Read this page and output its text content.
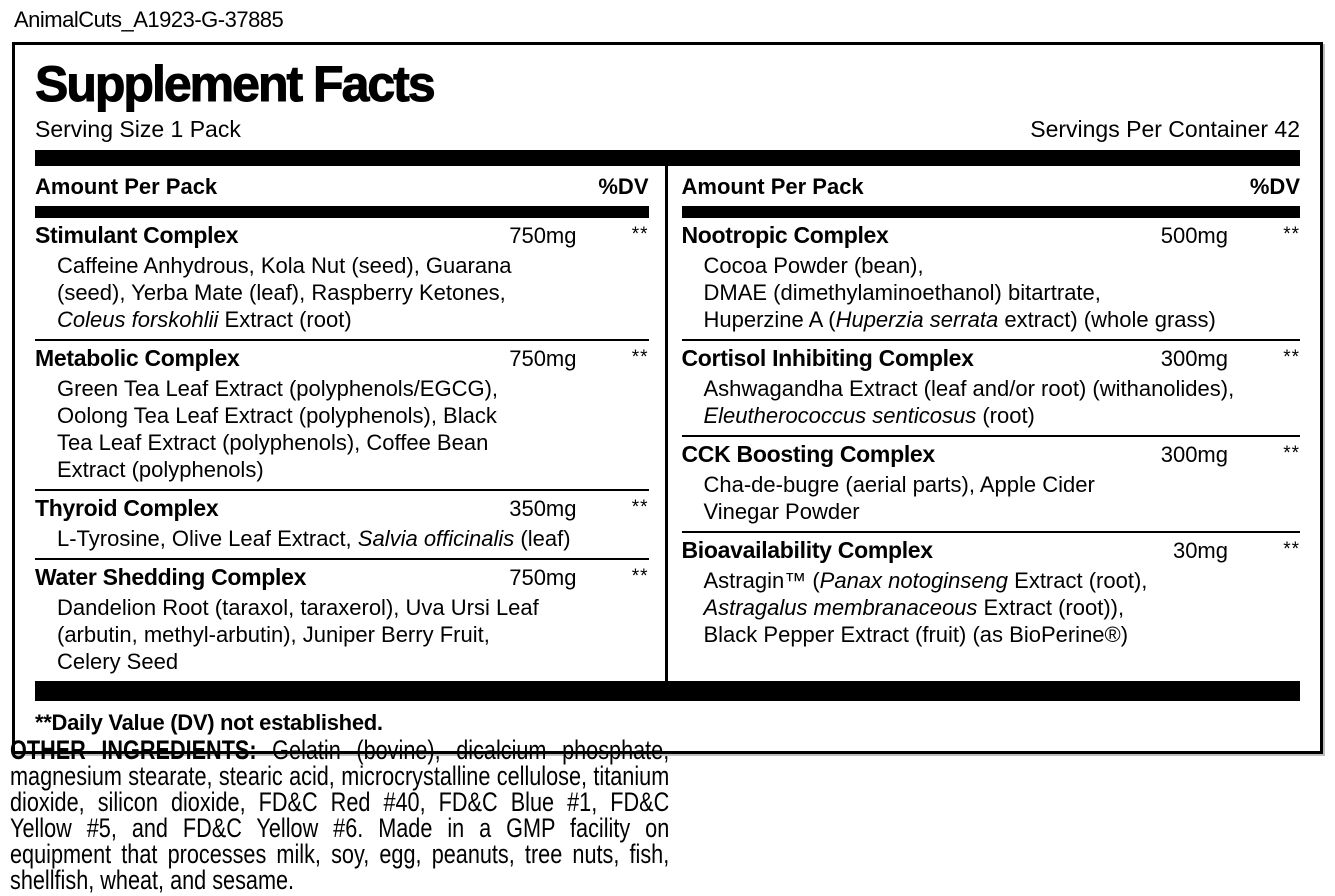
AnimalCuts_A1923-G-37885
Supplement Facts
Serving Size 1 Pack	Servings Per Container 42
Amount Per Pack	%DV
Stimulant Complex	750mg	**
Caffeine Anhydrous, Kola Nut (seed), Guarana
(seed), Yerba Mate (leaf), Raspberry Ketones,
Coleus forskohlii Extract (root)
Metabolic Complex	750mg	**
Green Tea Leaf Extract (polyphenols/EGCG),
Oolong Tea Leaf Extract (polyphenols), Black
Tea Leaf Extract (polyphenols), Coffee Bean
Extract (polyphenols)
Thyroid Complex	350mg	**
L-Tyrosine, Olive Leaf Extract, Salvia officinalis (leaf)
Water Shedding Complex	750mg	**
Dandelion Root (taraxol, taraxerol), Uva Ursi Leaf
(arbutin, methyl-arbutin), Juniper Berry Fruit,
Celery Seed
Amount Per Pack	%DV
Nootropic Complex	500mg	**
Cocoa Powder (bean),
DMAE (dimethylaminoethanol) bitartrate,
Huperzine A (Huperzia serrata extract) (whole grass)
Cortisol Inhibiting Complex	300mg	**
Ashwagandha Extract (leaf and/or root) (withanolides),
Eleutherococcus senticosus (root)
CCK Boosting Complex	300mg	**
Cha-de-bugre (aerial parts), Apple Cider
Vinegar Powder
Bioavailability Complex	30mg	**
Astragin™ (Panax notoginseng Extract (root),
Astragalus membranaceous Extract (root)),
Black Pepper Extract (fruit) (as BioPerine®)
**Daily Value (DV) not established.
OTHER INGREDIENTS: Gelatin (bovine), dicalcium phosphate, magnesium stearate, stearic acid, microcrystalline cellulose, titanium dioxide, silicon dioxide, FD&C Red #40, FD&C Blue #1, FD&C Yellow #5, and FD&C Yellow #6. Made in a GMP facility on equipment that processes milk, soy, egg, peanuts, tree nuts, fish, shellfish, wheat, and sesame.
